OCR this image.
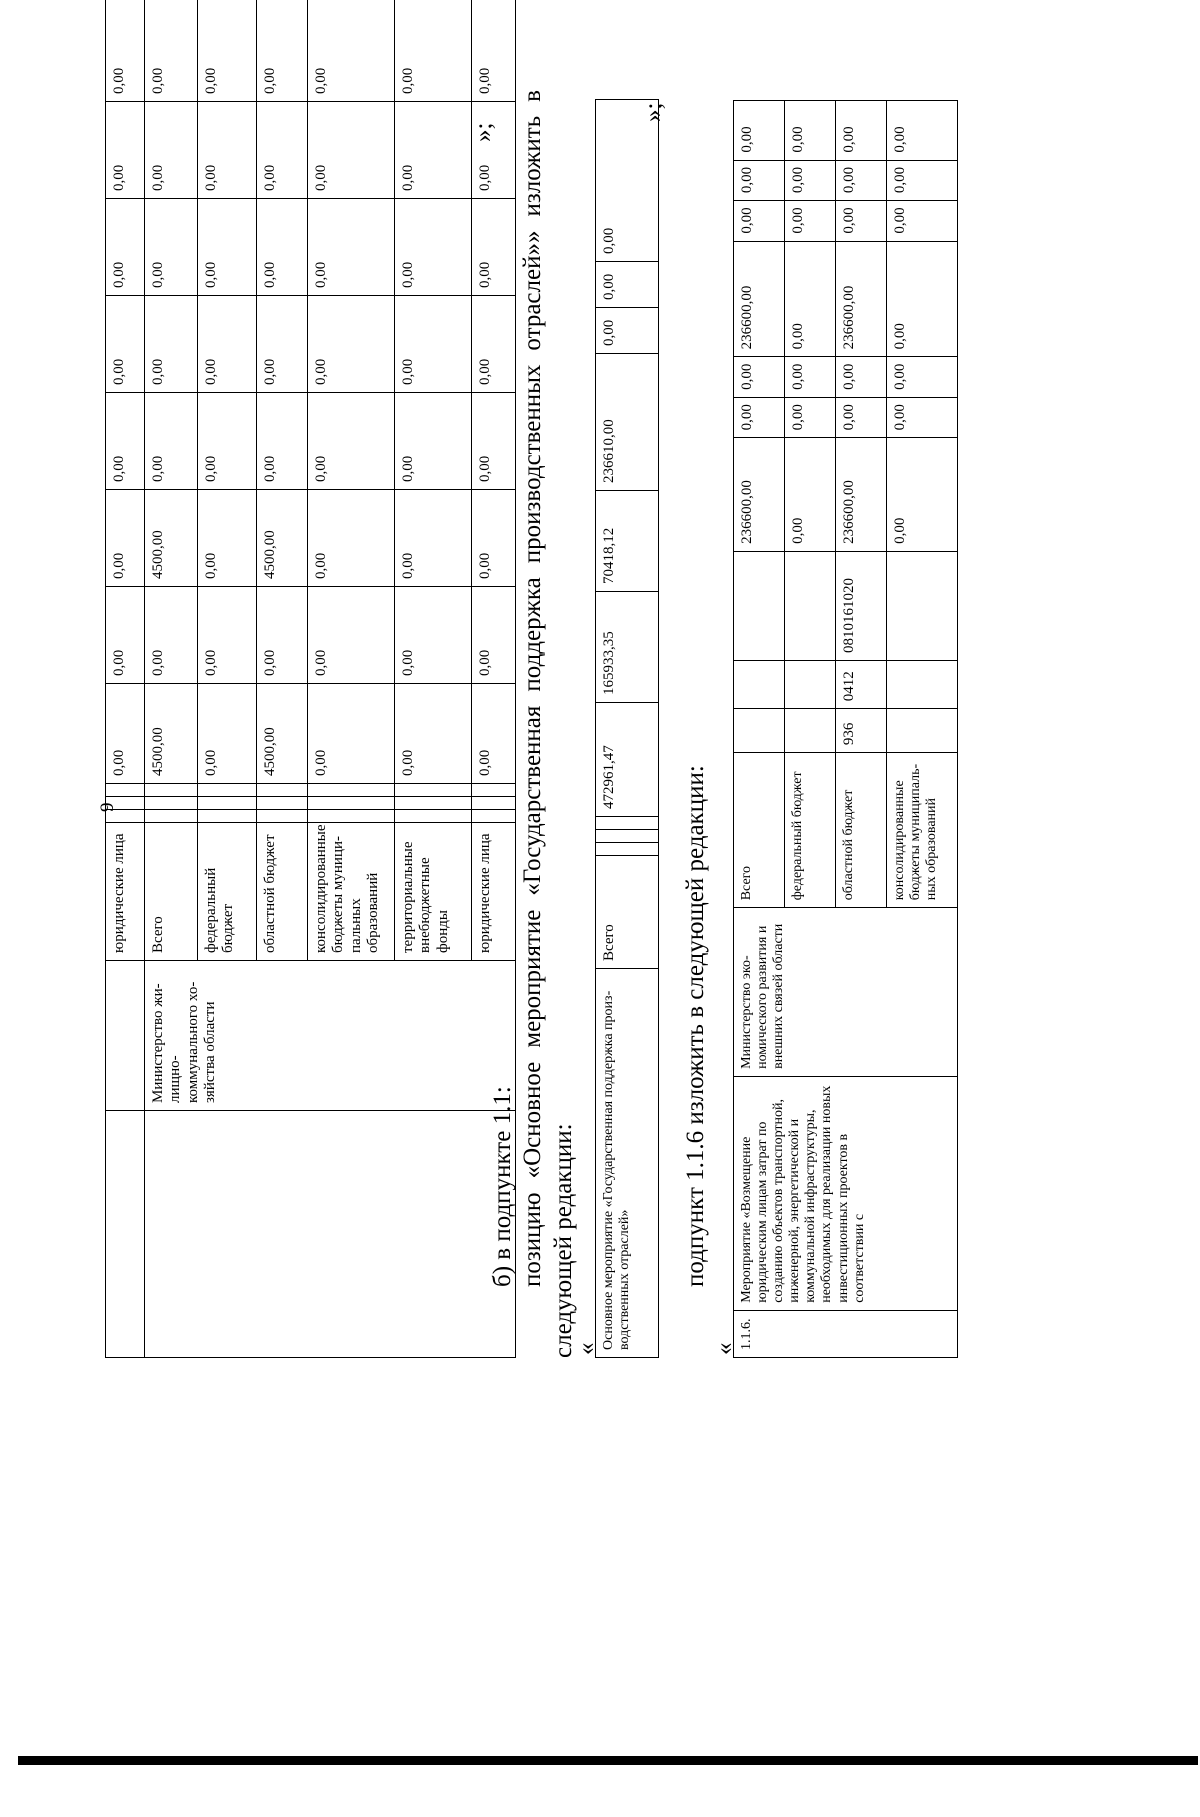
9
		юридические лица				0,00	0,00	0,00	0,00	0,00	0,00	0,00	0,00
	Министерство жилищно-коммунального хозяйства области	Всего				4500,00	0,00	4500,00	0,00	0,00	0,00	0,00	0,00
		федеральный бюджет				0,00	0,00	0,00	0,00	0,00	0,00	0,00	0,00
		областной бюджет				4500,00	0,00	4500,00	0,00	0,00	0,00	0,00	0,00
		консолидированные бюджеты муниципальных образований				0,00	0,00	0,00	0,00	0,00	0,00	0,00	0,00
		территориальные внебюджетные фонды				0,00	0,00	0,00	0,00	0,00	0,00	0,00	0,00
		юридические лица				0,00	0,00	0,00	0,00	0,00	0,00	0,00	0,00
»;
б) в подпункте 1.1: позицию
«Основное
мероприятие
«Государственная
поддержка
производственных
отраслей»»
изложить
в
следующей редакции:
« Основное мероприятие «Государственная поддержка производственных отраслей»	Всего				472961,47	165933,35	70418,12	236610,00	0,00	0,00	0,00
»;
подпункт 1.1.6 изложить в следующей редакции:
« 1.1.6.	Мероприятие «Возмещение юридическим лицам затрат по созданию объектов транспортной, инженерной, энергетической и коммунальной инфраструктуры, необходимых для реализации новых инвестиционных проектов в соответствии с	Министерство экономического развития и внешних связей области	Всего				236600,00	0,00	0,00	236600,00	0,00	0,00	0,00
			федеральный бюджет				0,00	0,00	0,00	0,00	0,00	0,00	0,00
			областной бюджет	936	0412	0810161020	236600,00	0,00	0,00	236600,00	0,00	0,00	0,00
			консолидированные бюджеты муниципальных образований				0,00	0,00	0,00	0,00	0,00	0,00	0,00
